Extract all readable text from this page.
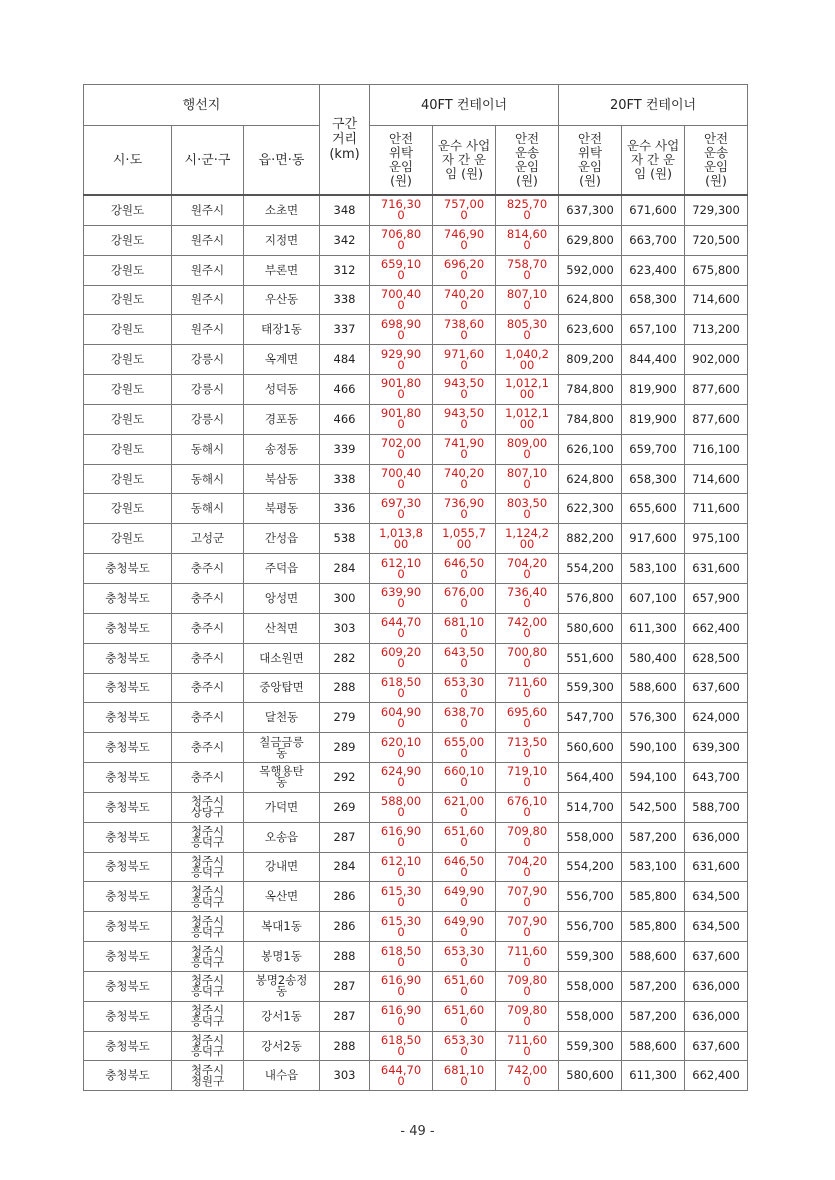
행선지			구간 거리 (km)	40FT 컨테이너			20FT 컨테이너		
시·도	시·군·구	읍·면·동		안전 위탁 운임 (원)	운수 사업자 간 운임 (원)	안전 운송 운임 (원)	안전 위탁 운임 (원)	운수 사업자 간 운임 (원)	안전 운송 운임 (원)
강원도	원주시	소초면	348	716,300	757,000	825,700	637,300	671,600	729,300
강원도	원주시	지정면	342	706,800	746,900	814,600	629,800	663,700	720,500
강원도	원주시	부론면	312	659,100	696,200	758,700	592,000	623,400	675,800
강원도	원주시	우산동	338	700,400	740,200	807,100	624,800	658,300	714,600
강원도	원주시	태장1동	337	698,900	738,600	805,300	623,600	657,100	713,200
강원도	강릉시	옥계면	484	929,900	971,600	1,040,200	809,200	844,400	902,000
강원도	강릉시	성덕동	466	901,800	943,500	1,012,100	784,800	819,900	877,600
강원도	강릉시	경포동	466	901,800	943,500	1,012,100	784,800	819,900	877,600
강원도	동해시	송정동	339	702,000	741,900	809,000	626,100	659,700	716,100
강원도	동해시	북삼동	338	700,400	740,200	807,100	624,800	658,300	714,600
강원도	동해시	북평동	336	697,300	736,900	803,500	622,300	655,600	711,600
강원도	고성군	간성읍	538	1,013,800	1,055,700	1,124,200	882,200	917,600	975,100
충청북도	충주시	주덕읍	284	612,100	646,500	704,200	554,200	583,100	631,600
충청북도	충주시	앙성면	300	639,900	676,000	736,400	576,800	607,100	657,900
충청북도	충주시	산척면	303	644,700	681,100	742,000	580,600	611,300	662,400
충청북도	충주시	대소원면	282	609,200	643,500	700,800	551,600	580,400	628,500
충청북도	충주시	중앙탑면	288	618,500	653,300	711,600	559,300	588,600	637,600
충청북도	충주시	달천동	279	604,900	638,700	695,600	547,700	576,300	624,000
충청북도	충주시	칠금금릉동	289	620,100	655,000	713,500	560,600	590,100	639,300
충청북도	충주시	목행용탄동	292	624,900	660,100	719,100	564,400	594,100	643,700
충청북도	청주시 상당구	가덕면	269	588,000	621,000	676,100	514,700	542,500	588,700
충청북도	청주시 흥덕구	오송읍	287	616,900	651,600	709,800	558,000	587,200	636,000
충청북도	청주시 흥덕구	강내면	284	612,100	646,500	704,200	554,200	583,100	631,600
충청북도	청주시 흥덕구	옥산면	286	615,300	649,900	707,900	556,700	585,800	634,500
충청북도	청주시 흥덕구	복대1동	286	615,300	649,900	707,900	556,700	585,800	634,500
충청북도	청주시 흥덕구	봉명1동	288	618,500	653,300	711,600	559,300	588,600	637,600
충청북도	청주시 흥덕구	봉명2송정동	287	616,900	651,600	709,800	558,000	587,200	636,000
충청북도	청주시 흥덕구	강서1동	287	616,900	651,600	709,800	558,000	587,200	636,000
충청북도	청주시 흥덕구	강서2동	288	618,500	653,300	711,600	559,300	588,600	637,600
충청북도	청주시 청원구	내수읍	303	644,700	681,100	742,000	580,600	611,300	662,400
- 49 -
